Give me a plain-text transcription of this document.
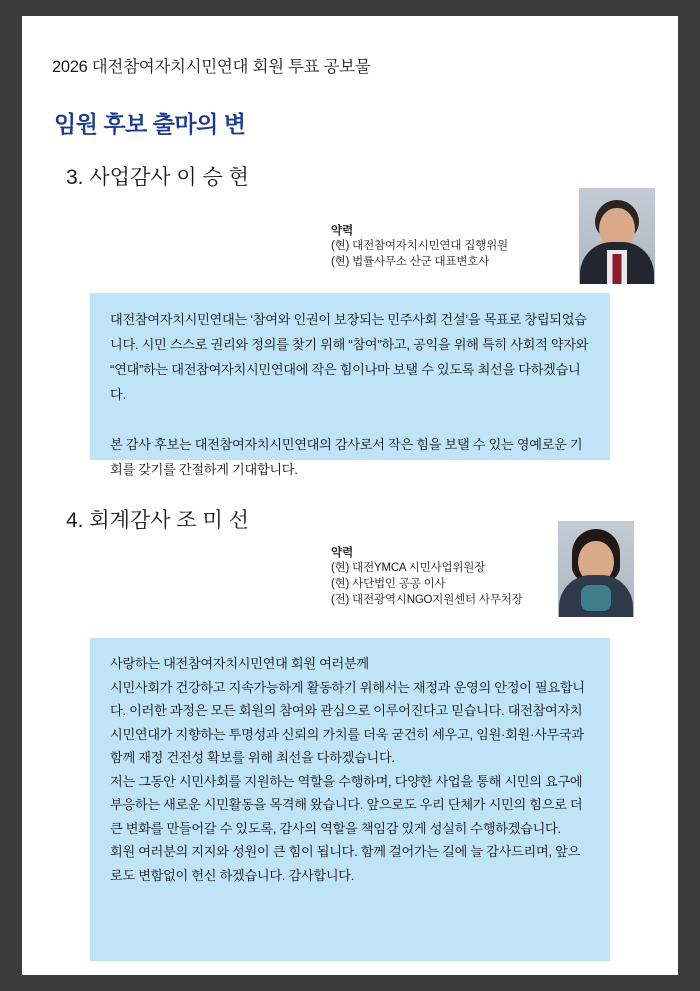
2026 대전참여자치시민연대 회원 투표 공보물
임원 후보 출마의 변
3. 사업감사 이 승 현
약력
(현) 대전참여자치시민연대 집행위원
(현) 법률사무소 산군 대표변호사

대전참여자치시민연대는 ‘참여와 인권이 보장되는 민주사회 건설’을 목표로 창립되었습니다. 시민 스스로 권리와 정의를 찾기 위해 “참여”하고, 공익을 위해 특히 사회적 약자와 “연대”하는 대전참여자치시민연대에 작은 힘이나마 보탤 수 있도록 최선을 다하겠습니다.

본 감사 후보는 대전참여자치시민연대의 감사로서 작은 힘을 보탤 수 있는 영예로운 기회를 갖기를 간절하게 기대합니다.

4. 회계감사 조 미 선
약력
(현) 대전YMCA 시민사업위원장
(현) 사단법인 공공 이사
(전) 대전광역시NGO지원센터 사무처장

사랑하는 대전참여자치시민연대 회원 여러분께

시민사회가 건강하고 지속가능하게 활동하기 위해서는 재정과 운영의 안정이 필요합니다. 이러한 과정은 모든 회원의 참여와 관심으로 이루어진다고 믿습니다. 대전참여자치시민연대가 지향하는 투명성과 신뢰의 가치를 더욱 굳건히 세우고, 임원·회원·사무국과 함께 재정 건전성 확보를 위해 최선을 다하겠습니다.

저는 그동안 시민사회를 지원하는 역할을 수행하며, 다양한 사업을 통해 시민의 요구에 부응하는 새로운 시민활동을 목격해 왔습니다. 앞으로도 우리 단체가 시민의 힘으로 더 큰 변화를 만들어갈 수 있도록, 감사의 역할을 책임감 있게 성실히 수행하겠습니다.

회원 여러분의 지지와 성원이 큰 힘이 됩니다. 함께 걸어가는 길에 늘 감사드리며, 앞으로도 변함없이 헌신 하겠습니다. 감사합니다.
